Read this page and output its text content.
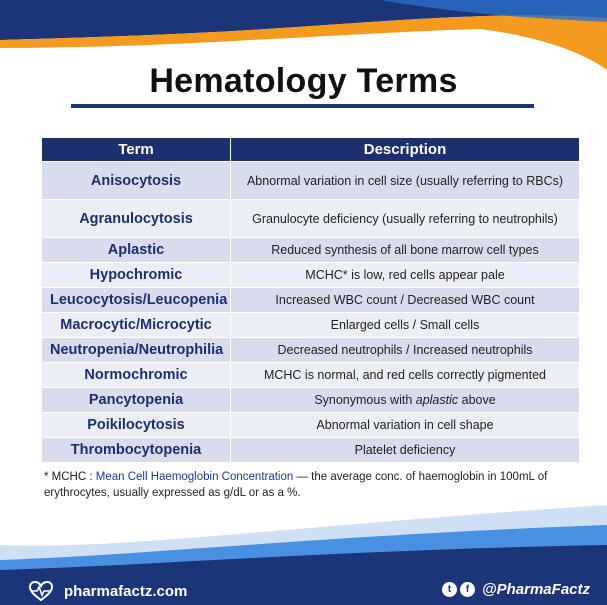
Hematology Terms
Term	Description
Anisocytosis	Abnormal variation in cell size (usually referring to RBCs)
Agranulocytosis	Granulocyte deficiency (usually referring to neutrophils)
Aplastic	Reduced synthesis of all bone marrow cell types
Hypochromic	MCHC* is low, red cells appear pale
Leucocytosis/Leucopenia	Increased WBC count / Decreased WBC count
Macrocytic/Microcytic	Enlarged cells / Small cells
Neutropenia/Neutrophilia	Decreased neutrophils / Increased neutrophils
Normochromic	MCHC is normal, and red cells correctly pigmented
Pancytopenia	Synonymous with aplastic above
Poikilocytosis	Abnormal variation in cell shape
Thrombocytopenia	Platelet deficiency
* MCHC : Mean Cell Haemoglobin Concentration — the average conc. of haemoglobin in 100mL of erythrocytes, usually expressed as g/dL or as a %.
pharmafactz.com	t	f @PharmaFactz
